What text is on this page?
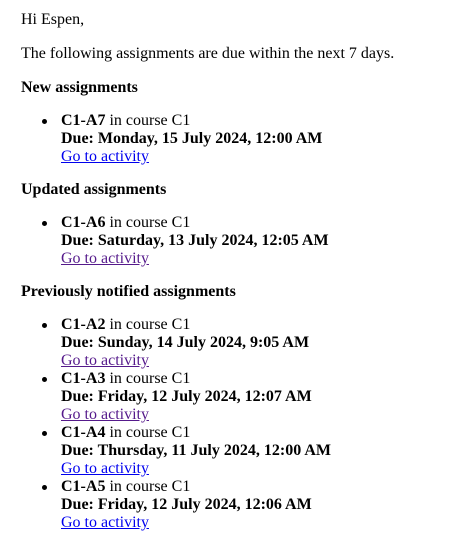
Hi Espen,

The following assignments are due within the next 7 days.

New assignments
C1-A7 in course C1
Due: Monday, 15 July 2024, 12:00 AM
Go to activity
Updated assignments
C1-A6 in course C1
Due: Saturday, 13 July 2024, 12:05 AM
Go to activity
Previously notified assignments
C1-A2 in course C1
Due: Sunday, 14 July 2024, 9:05 AM
Go to activity
C1-A3 in course C1
Due: Friday, 12 July 2024, 12:07 AM
Go to activity
C1-A4 in course C1
Due: Thursday, 11 July 2024, 12:00 AM
Go to activity
C1-A5 in course C1
Due: Friday, 12 July 2024, 12:06 AM
Go to activity
